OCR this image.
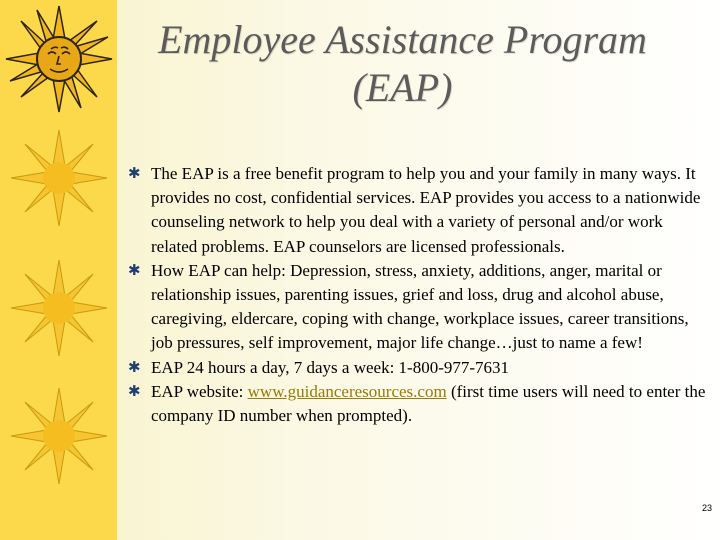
Employee Assistance Program
(EAP)
✱ The EAP is a free benefit program to help you and your family in many ways. It provides no cost, confidential services. EAP provides you access to a nationwide counseling network to help you deal with a variety of personal and/or work related problems. EAP counselors are licensed professionals.
✱ How EAP can help: Depression, stress, anxiety, additions, anger, marital or relationship issues, parenting issues, grief and loss, drug and alcohol abuse, caregiving, eldercare, coping with change, workplace issues, career transitions, job pressures, self improvement, major life change…just to name a few!
✱ EAP 24 hours a day, 7 days a week: 1-800-977-7631
✱ EAP website: www.guidanceresources.com (first time users will need to enter the company ID number when prompted).
23
